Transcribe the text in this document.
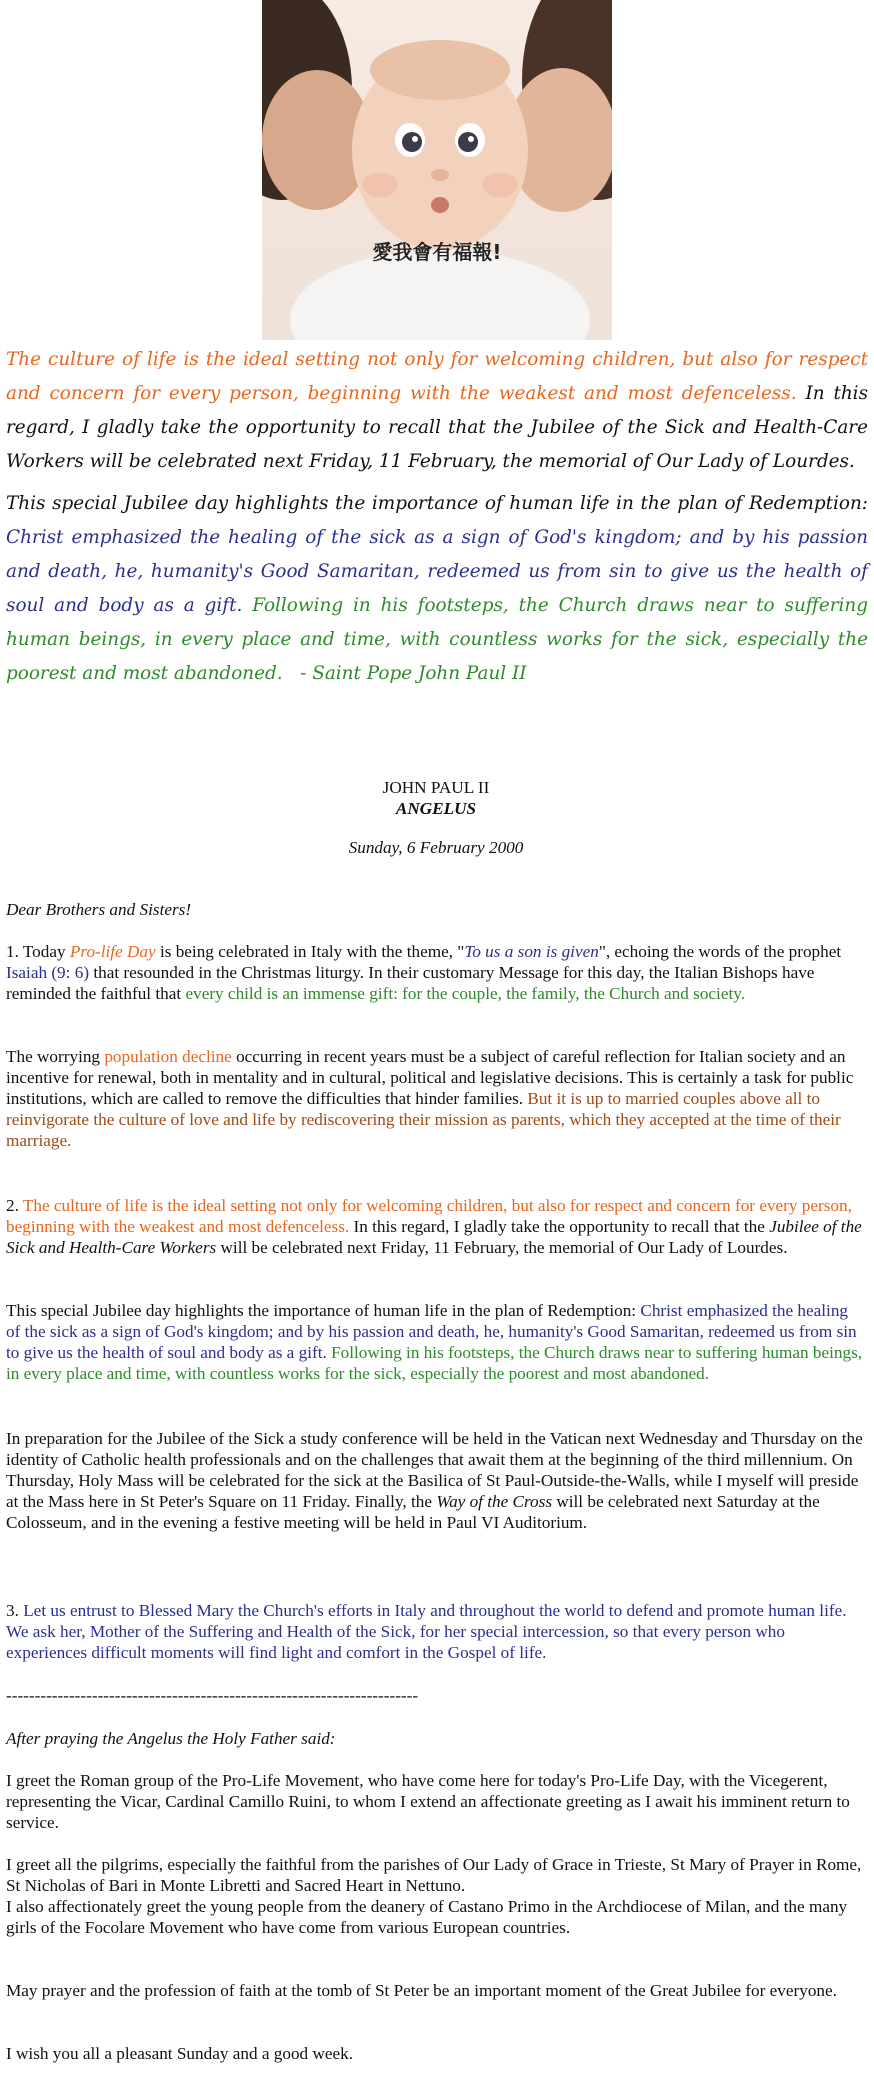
愛我會有福報!

The culture of life is the ideal setting not only for welcoming children, but also for respect and concern for every person, beginning with the weakest and most defenceless. In this regard, I gladly take the opportunity to recall that the Jubilee of the Sick and Health-Care Workers will be celebrated next Friday, 11 February, the memorial of Our Lady of Lourdes.

This special Jubilee day highlights the importance of human life in the plan of Redemption: Christ emphasized the healing of the sick as a sign of God's kingdom; and by his passion and death, he, humanity's Good Samaritan, redeemed us from sin to give us the health of soul and body as a gift. Following in his footsteps, the Church draws near to suffering human beings, in every place and time, with countless works for the sick, especially the poorest and most abandoned.   - Saint Pope John Paul II

JOHN PAUL II

ANGELUS

Sunday, 6 February 2000

Dear Brothers and Sisters!

1. Today Pro-life Day is being celebrated in Italy with the theme, "To us a son is given", echoing the words of the prophet Isaiah (9: 6) that resounded in the Christmas liturgy. In their customary Message for this day, the Italian Bishops have reminded the faithful that every child is an immense gift: for the couple, the family, the Church and society.

The worrying population decline occurring in recent years must be a subject of careful reflection for Italian society and an incentive for renewal, both in mentality and in cultural, political and legislative decisions. This is certainly a task for public institutions, which are called to remove the difficulties that hinder families. But it is up to married couples above all to reinvigorate the culture of love and life by rediscovering their mission as parents, which they accepted at the time of their marriage.

2. The culture of life is the ideal setting not only for welcoming children, but also for respect and concern for every person, beginning with the weakest and most defenceless. In this regard, I gladly take the opportunity to recall that the Jubilee of the Sick and Health-Care Workers will be celebrated next Friday, 11 February, the memorial of Our Lady of Lourdes.

This special Jubilee day highlights the importance of human life in the plan of Redemption: Christ emphasized the healing of the sick as a sign of God's kingdom; and by his passion and death, he, humanity's Good Samaritan, redeemed us from sin to give us the health of soul and body as a gift. Following in his footsteps, the Church draws near to suffering human beings, in every place and time, with countless works for the sick, especially the poorest and most abandoned.

In preparation for the Jubilee of the Sick a study conference will be held in the Vatican next Wednesday and Thursday on the identity of Catholic health professionals and on the challenges that await them at the beginning of the third millennium. On Thursday, Holy Mass will be celebrated for the sick at the Basilica of St Paul-Outside-the-Walls, while I myself will preside at the Mass here in St Peter's Square on 11 Friday. Finally, the Way of the Cross will be celebrated next Saturday at the Colosseum, and in the evening a festive meeting will be held in Paul VI Auditorium.

3. Let us entrust to Blessed Mary the Church's efforts in Italy and throughout the world to defend and promote human life. We ask her, Mother of the Suffering and Health of the Sick, for her special intercession, so that every person who experiences difficult moments will find light and comfort in the Gospel of life.

------------------------------------------------------------------------

After praying the Angelus the Holy Father said:

I greet the Roman group of the Pro-Life Movement, who have come here for today's Pro-Life Day, with the Vicegerent, representing the Vicar, Cardinal Camillo Ruini, to whom I extend an affectionate greeting as I await his imminent return to service.

I greet all the pilgrims, especially the faithful from the parishes of Our Lady of Grace in Trieste, St Mary of Prayer in Rome, St Nicholas of Bari in Monte Libretti and Sacred Heart in Nettuno.

I also affectionately greet the young people from the deanery of Castano Primo in the Archdiocese of Milan, and the many girls of the Focolare Movement who have come from various European countries.

May prayer and the profession of faith at the tomb of St Peter be an important moment of the Great Jubilee for everyone.

I wish you all a pleasant Sunday and a good week.
